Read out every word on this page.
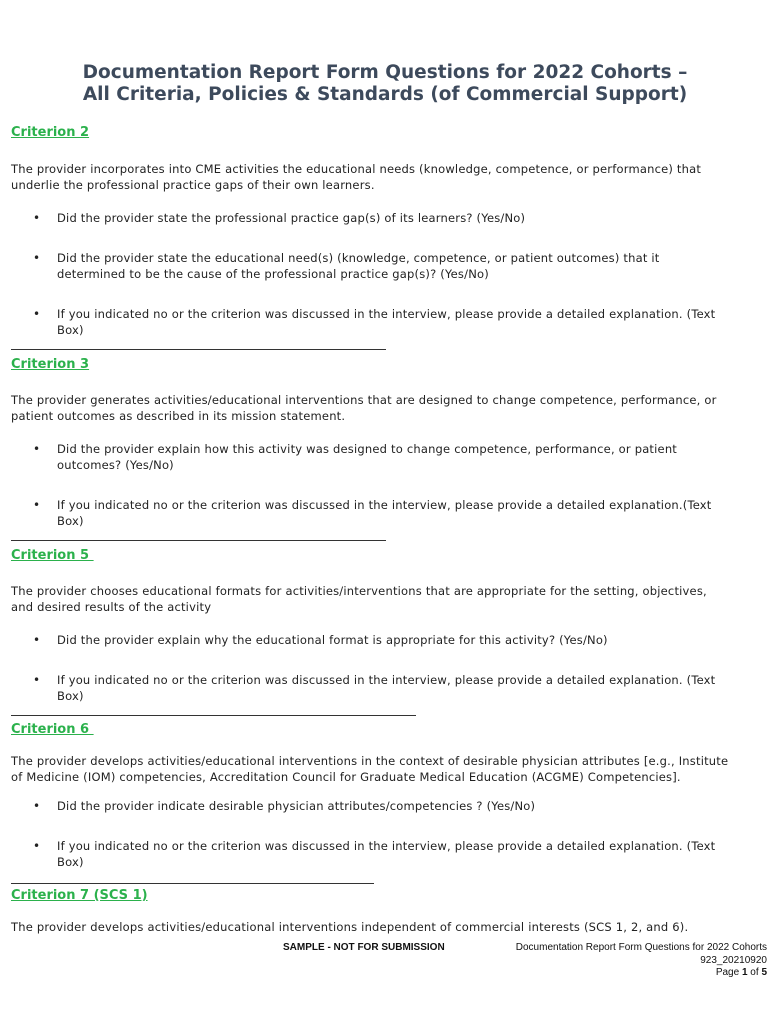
Documentation Report Form Questions for 2022 Cohorts –
All Criteria, Policies & Standards (of Commercial Support)
Criterion 2
The provider incorporates into CME activities the educational needs (knowledge, competence, or performance) that
underlie the professional practice gaps of their own learners.
• Did the provider state the professional practice gap(s) of its learners? (Yes/No)
• Did the provider state the educational need(s) (knowledge, competence, or patient outcomes) that it
determined to be the cause of the professional practice gap(s)? (Yes/No)
• If you indicated no or the criterion was discussed in the interview, please provide a detailed explanation. (Text
Box)
Criterion 3
The provider generates activities/educational interventions that are designed to change competence, performance, or
patient outcomes as described in its mission statement.
• Did the provider explain how this activity was designed to change competence, performance, or patient
outcomes? (Yes/No)
• If you indicated no or the criterion was discussed in the interview, please provide a detailed explanation.(Text
Box)
Criterion 5
The provider chooses educational formats for activities/interventions that are appropriate for the setting, objectives,
and desired results of the activity
• Did the provider explain why the educational format is appropriate for this activity? (Yes/No)
• If you indicated no or the criterion was discussed in the interview, please provide a detailed explanation. (Text
Box)
Criterion 6
The provider develops activities/educational interventions in the context of desirable physician attributes [e.g., Institute
of Medicine (IOM) competencies, Accreditation Council for Graduate Medical Education (ACGME) Competencies].
• Did the provider indicate desirable physician attributes/competencies ? (Yes/No)
• If you indicated no or the criterion was discussed in the interview, please provide a detailed explanation. (Text
Box)
Criterion 7 (SCS 1)
The provider develops activities/educational interventions independent of commercial interests (SCS 1, 2, and 6).
SAMPLE - NOT FOR SUBMISSION	Documentation Report Form Questions for 2022 Cohorts
923_20210920
Page 1 of 5
